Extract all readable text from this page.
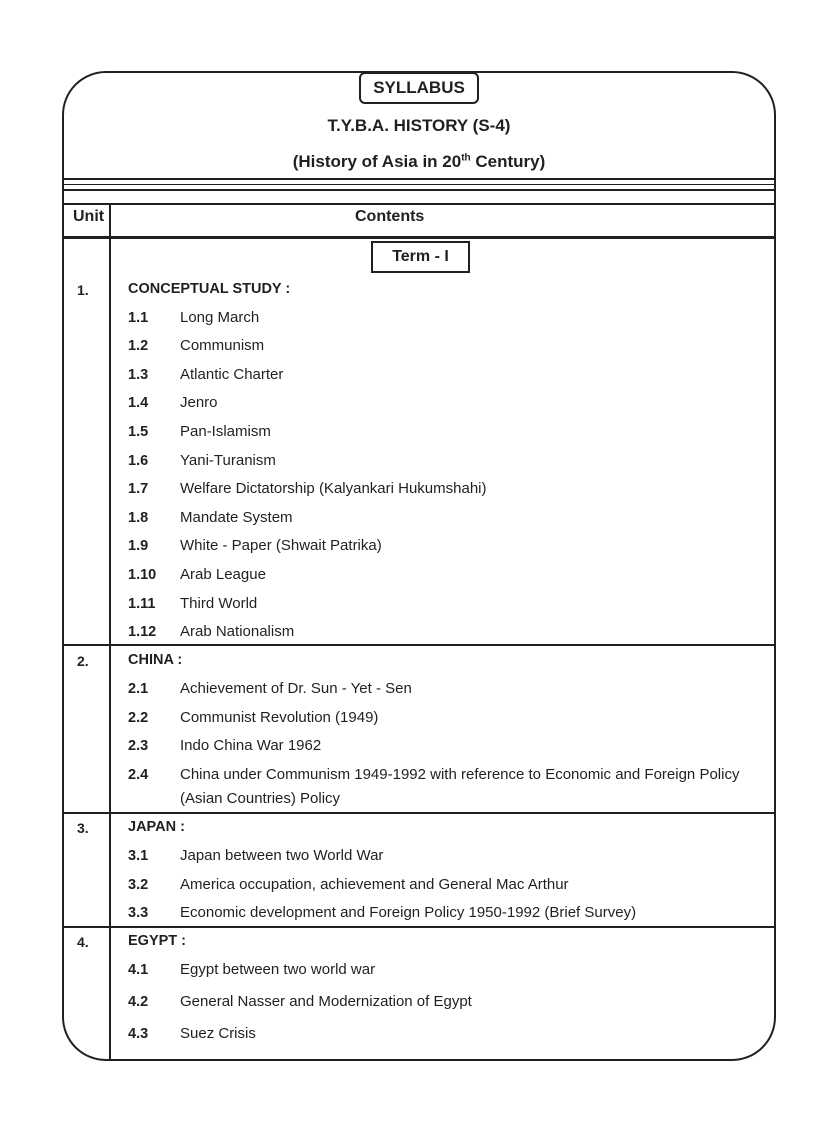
SYLLABUS
T.Y.B.A. HISTORY (S-4)
(History of Asia in 20th Century)
Unit	Contents
Term - I
1.	CONCEPTUAL STUDY :
1.1 Long March
1.2 Communism
1.3 Atlantic Charter
1.4 Jenro
1.5 Pan-Islamism
1.6 Yani-Turanism
1.7 Welfare Dictatorship (Kalyankari Hukumshahi)
1.8 Mandate System
1.9 White - Paper (Shwait Patrika)
1.10 Arab League
1.11 Third World
1.12 Arab Nationalism
2.	CHINA :
2.1 Achievement of Dr. Sun - Yet - Sen
2.2 Communist Revolution (1949)
2.3 Indo China War 1962
2.4 China under Communism 1949-1992 with reference to Economic and Foreign Policy (Asian Countries) Policy
3.	JAPAN :
3.1 Japan between two World War
3.2 America occupation, achievement and General Mac Arthur
3.3 Economic development and Foreign Policy 1950-1992 (Brief Survey)
4.	EGYPT :
4.1 Egypt between two world war
4.2 General Nasser and Modernization of Egypt
4.3 Suez Crisis
